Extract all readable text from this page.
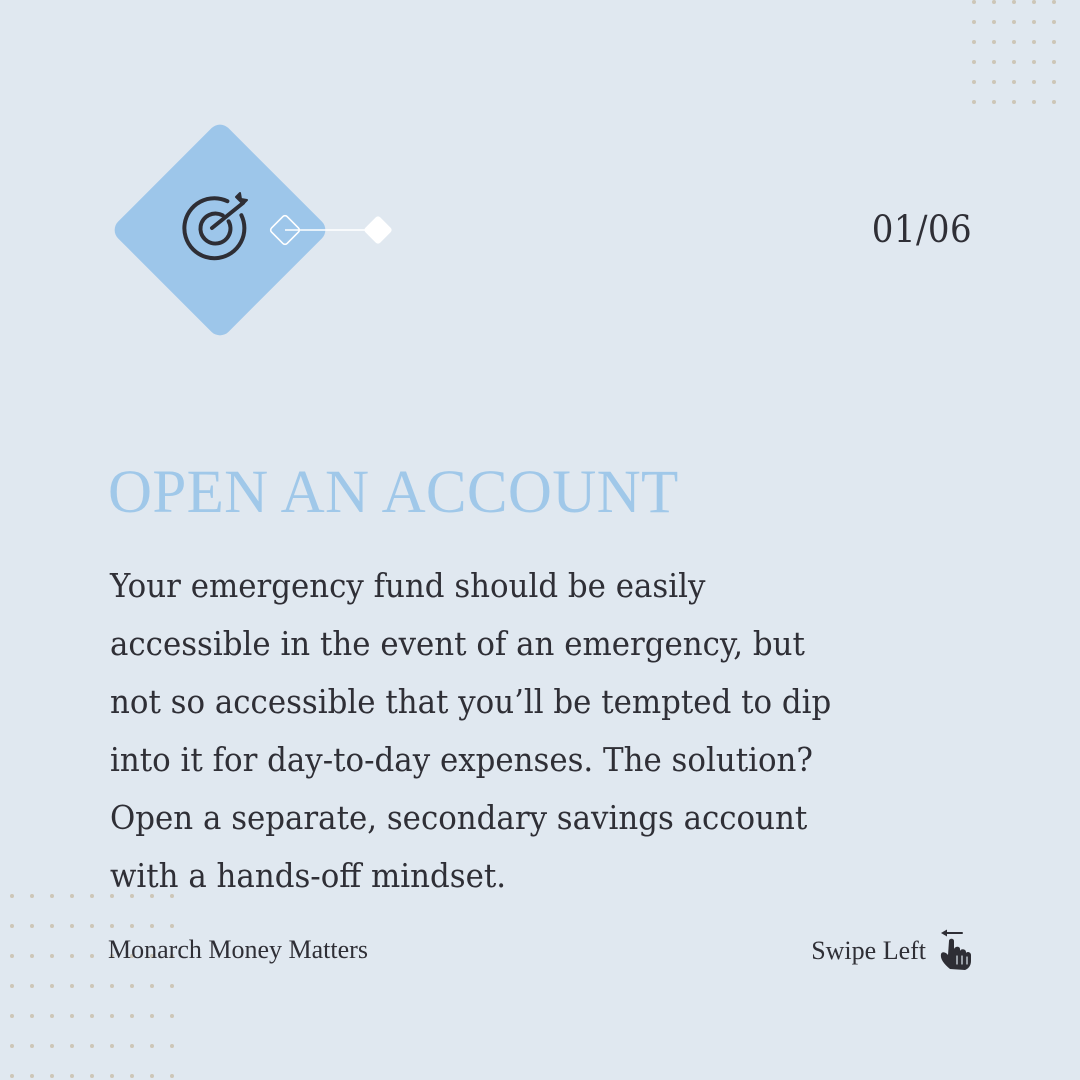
01/06
OPEN AN ACCOUNT

Your emergency fund should be easily accessible in the event of an emergency, but not so accessible that you’ll be tempted to dip into it for day-to-day expenses. The solution? Open a separate, secondary savings account with a hands-off mindset.

Monarch Money Matters	Swipe Left
